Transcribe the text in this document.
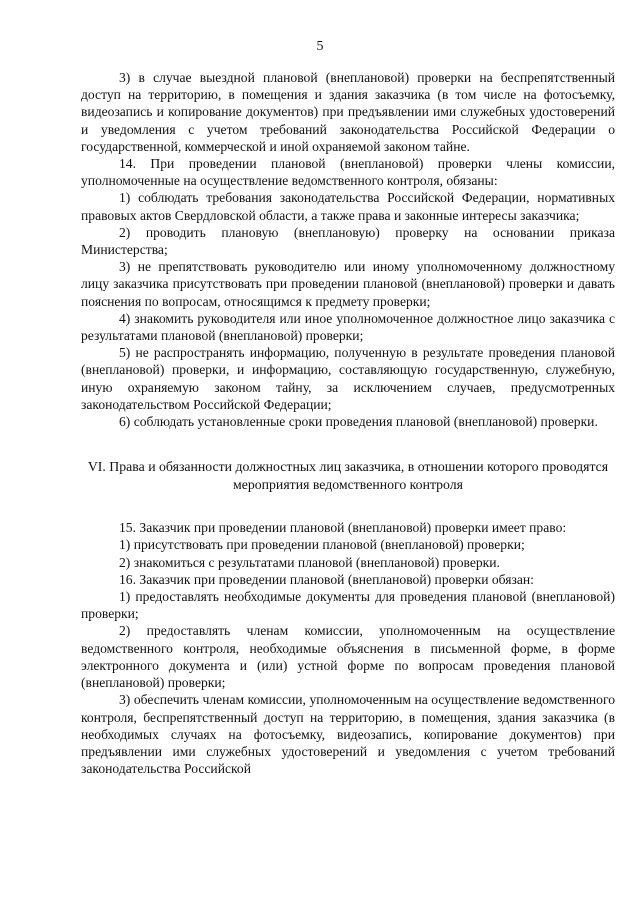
5

3) в случае выездной плановой (внеплановой) проверки на беспрепятственный доступ на территорию, в помещения и здания заказчика (в том числе на фотосъемку, видеозапись и копирование документов) при предъявлении ими служебных удостоверений и уведомления с учетом требований законодательства Российской Федерации о государственной, коммерческой и иной охраняемой законом тайне.

14. При проведении плановой (внеплановой) проверки члены комиссии, уполномоченные на осуществление ведомственного контроля, обязаны:

1) соблюдать требования законодательства Российской Федерации, нормативных правовых актов Свердловской области, а также права и законные интересы заказчика;

2) проводить плановую (внеплановую) проверку на основании приказа Министерства;

3) не препятствовать руководителю или иному уполномоченному должностному лицу заказчика присутствовать при проведении плановой (внеплановой) проверки и давать пояснения по вопросам, относящимся к предмету проверки;

4) знакомить руководителя или иное уполномоченное должностное лицо заказчика с результатами плановой (внеплановой) проверки;

5) не распространять информацию, полученную в результате проведения плановой (внеплановой) проверки, и информацию, составляющую государственную, служебную, иную охраняемую законом тайну, за исключением случаев, предусмотренных законодательством Российской Федерации;

6) соблюдать установленные сроки проведения плановой (внеплановой) проверки.

VI. Права и обязанности должностных лиц заказчика, в отношении которого проводятся мероприятия ведомственного контроля

15. Заказчик при проведении плановой (внеплановой) проверки имеет право:

1) присутствовать при проведении плановой (внеплановой) проверки;

2) знакомиться с результатами плановой (внеплановой) проверки.

16. Заказчик при проведении плановой (внеплановой) проверки обязан:

1) предоставлять необходимые документы для проведения плановой (внеплановой) проверки;

2) предоставлять членам комиссии, уполномоченным на осуществление ведомственного контроля, необходимые объяснения в письменной форме, в форме электронного документа и (или) устной форме по вопросам проведения плановой (внеплановой) проверки;

3) обеспечить членам комиссии, уполномоченным на осуществление ведомственного контроля, беспрепятственный доступ на территорию, в помещения, здания заказчика (в необходимых случаях на фотосъемку, видеозапись, копирование документов) при предъявлении ими служебных удостоверений и уведомления с учетом требований законодательства Российской
